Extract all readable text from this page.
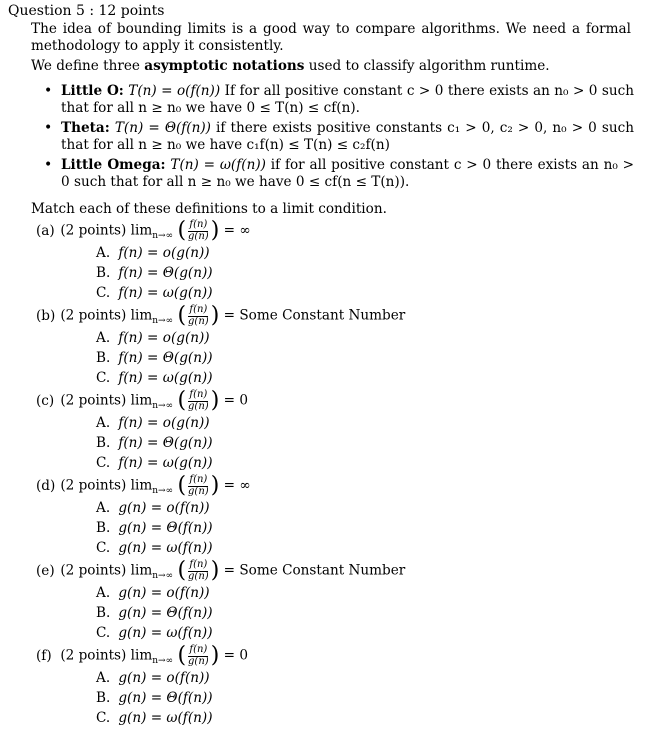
Question 5 : 12 points
The idea of bounding limits is a good way to compare algorithms. We need a formal methodology to apply it consistently.
We define three asymptotic notations used to classify algorithm runtime.
• Little O: T(n) = o(f(n)) If for all positive constant c > 0 there exists an n₀ > 0 such that for all n ≥ n₀ we have 0 ≤ T(n) ≤ cf(n).
• Theta: T(n) = Θ(f(n)) if there exists positive constants c₁ > 0, c₂ > 0, n₀ > 0 such that for all n ≥ n₀ we have c₁f(n) ≤ T(n) ≤ c₂f(n)
• Little Omega: T(n) = ω(f(n)) if for all positive constant c > 0 there exists an n₀ > 0 such that for all n ≥ n₀ we have 0 ≤ cf(n ≤ T(n)).
Match each of these definitions to a limit condition.
(a) (2 points) $\lim_{n\to\infty}$ ( $\frac{f(n)}{g(n)}$ ) = ∞
A. f(n) = o(g(n))
B. f(n) = Θ(g(n))
C. f(n) = ω(g(n))
(b) (2 points) $\lim_{n\to\infty}$ ( $\frac{f(n)}{g(n)}$ ) = Some Constant Number
A. f(n) = o(g(n))
B. f(n) = Θ(g(n))
C. f(n) = ω(g(n))
(c) (2 points) $\lim_{n\to\infty}$ ( $\frac{f(n)}{g(n)}$ ) = 0
A. f(n) = o(g(n))
B. f(n) = Θ(g(n))
C. f(n) = ω(g(n))
(d) (2 points) $\lim_{n\to\infty}$ ( $\frac{f(n)}{g(n)}$ ) = ∞
A. g(n) = o(f(n))
B. g(n) = Θ(f(n))
C. g(n) = ω(f(n))
(e) (2 points) $\lim_{n\to\infty}$ ( $\frac{f(n)}{g(n)}$ ) = Some Constant Number
A. g(n) = o(f(n))
B. g(n) = Θ(f(n))
C. g(n) = ω(f(n))
(f) (2 points) $\lim_{n\to\infty}$ ( $\frac{f(n)}{g(n)}$ ) = 0
A. g(n) = o(f(n))
B. g(n) = Θ(f(n))
C. g(n) = ω(f(n))
